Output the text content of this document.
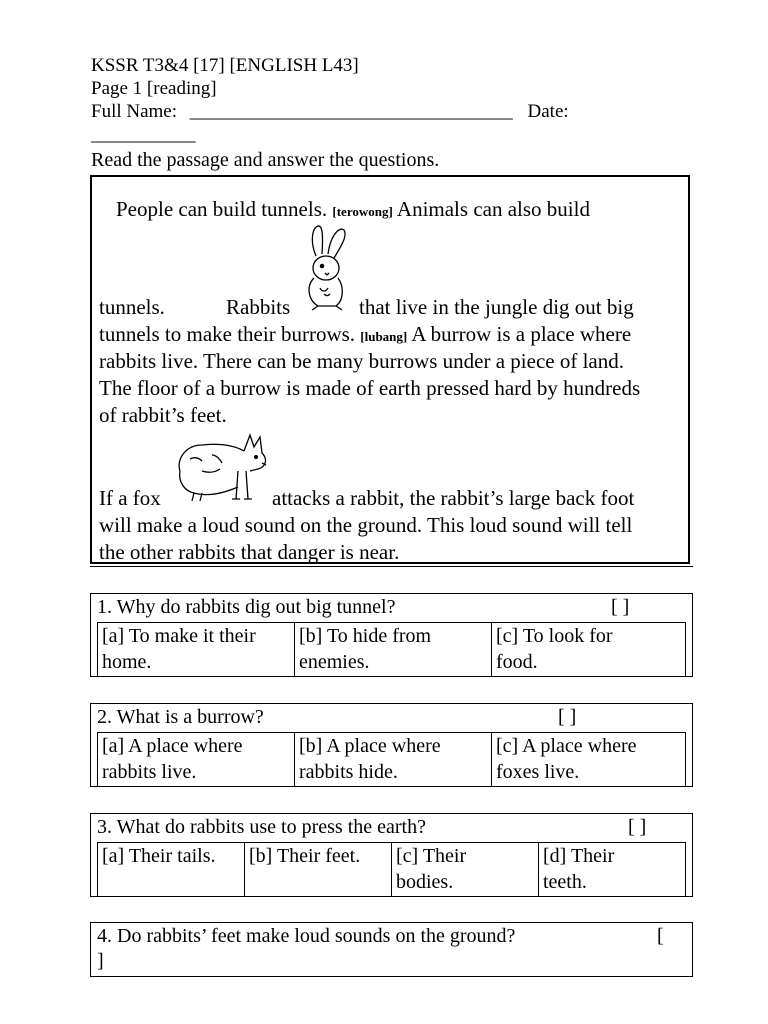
KSSR T3&4 [17] [ENGLISH L43]
Page 1 [reading]
Full Name: __________________________________ Date:
___________
Read the passage and answer the questions.
People can build tunnels. [terowong] Animals can also build
tunnels.	Rabbits	that live in the jungle dig out big
tunnels to make their burrows. [lubang] A burrow is a place where
rabbits live. There can be many burrows under a piece of land.
The floor of a burrow is made of earth pressed hard by hundreds
of rabbit’s feet.
If a fox	attacks a rabbit, the rabbit’s large back foot
will make a loud sound on the ground. This loud sound will tell
the other rabbits that danger is near.
1. Why do rabbits dig out big tunnel?	[ ]
[a] To make it their
home.
[b] To hide from
enemies.
[c] To look for
food.
2. What is a burrow?	[ ]
[a] A place where
rabbits live.
[b] A place where
rabbits hide.
[c] A place where
foxes live.
3. What do rabbits use to press the earth?	[ ]
[a] Their tails.	[b] Their feet.	[c] Their
bodies.
[d] Their
teeth.
4. Do rabbits’ feet make loud sounds on the ground?	[
]
